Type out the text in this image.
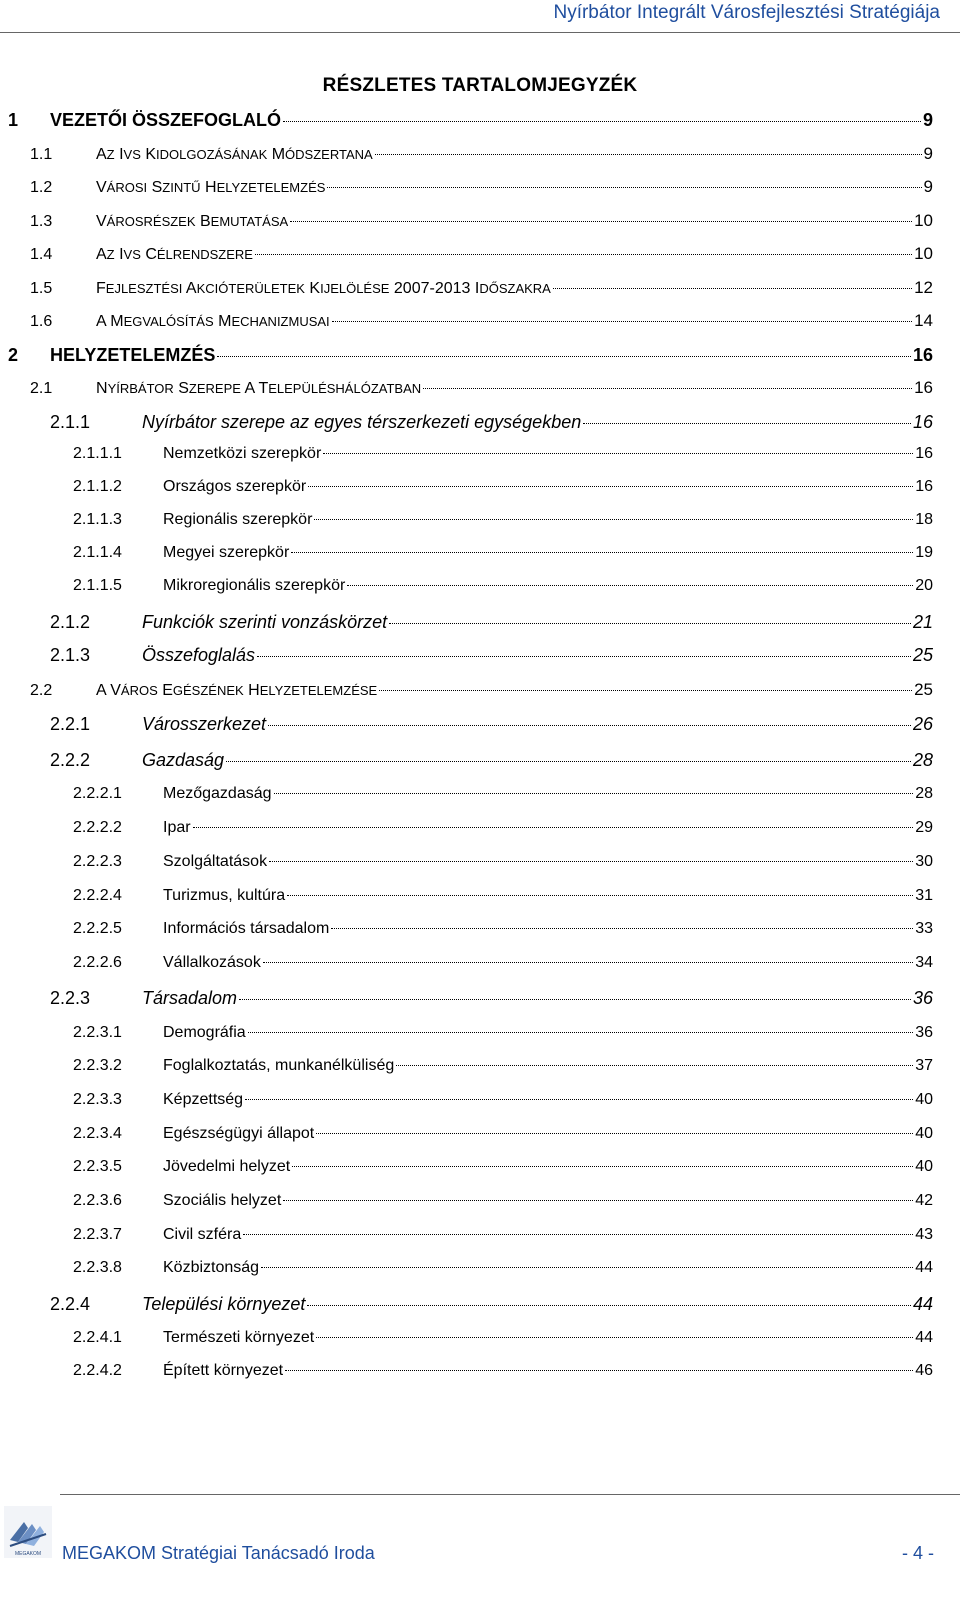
Nyírbátor Integrált Városfejlesztési Stratégiája
RÉSZLETES TARTALOMJEGYZÉK
1	VEZETŐI ÖSSZEFOGLALÓ	9
1.1	AZ IVS KIDOLGOZÁSÁNAK MÓDSZERTANA	9
1.2	VÁROSI SZINTŰ HELYZETELEMZÉS	9
1.3	VÁROSRÉSZEK BEMUTATÁSA	10
1.4	AZ IVS CÉLRENDSZERE	10
1.5	FEJLESZTÉSI AKCIÓTERÜLETEK KIJELÖLÉSE 2007-2013 IDŐSZAKRA	12
1.6	A MEGVALÓSÍTÁS MECHANIZMUSAI	14
2	HELYZETELEMZÉS	16
2.1	NYÍRBÁTOR SZEREPE A TELEPÜLÉSHÁLÓZATBAN	16
2.1.1	Nyírbátor szerepe az egyes térszerkezeti egységekben	16
2.1.1.1	Nemzetközi szerepkör	16
2.1.1.2	Országos szerepkör	16
2.1.1.3	Regionális szerepkör	18
2.1.1.4	Megyei szerepkör	19
2.1.1.5	Mikroregionális szerepkör	20
2.1.2	Funkciók szerinti vonzáskörzet	21
2.1.3	Összefoglalás	25
2.2	A VÁROS EGÉSZÉNEK HELYZETELEMZÉSE	25
2.2.1	Városszerkezet	26
2.2.2	Gazdaság	28
2.2.2.1	Mezőgazdaság	28
2.2.2.2	Ipar	29
2.2.2.3	Szolgáltatások	30
2.2.2.4	Turizmus, kultúra	31
2.2.2.5	Információs társadalom	33
2.2.2.6	Vállalkozások	34
2.2.3	Társadalom	36
2.2.3.1	Demográfia	36
2.2.3.2	Foglalkoztatás, munkanélküliség	37
2.2.3.3	Képzettség	40
2.2.3.4	Egészségügyi állapot	40
2.2.3.5	Jövedelmi helyzet	40
2.2.3.6	Szociális helyzet	42
2.2.3.7	Civil szféra	43
2.2.3.8	Közbiztonság	44
2.2.4	Települési környezet	44
2.2.4.1	Természeti környezet	44
2.2.4.2	Épített környezet	46
MEGAKOM MEGAKOM Stratégiai Tanácsadó Iroda	- 4 -
